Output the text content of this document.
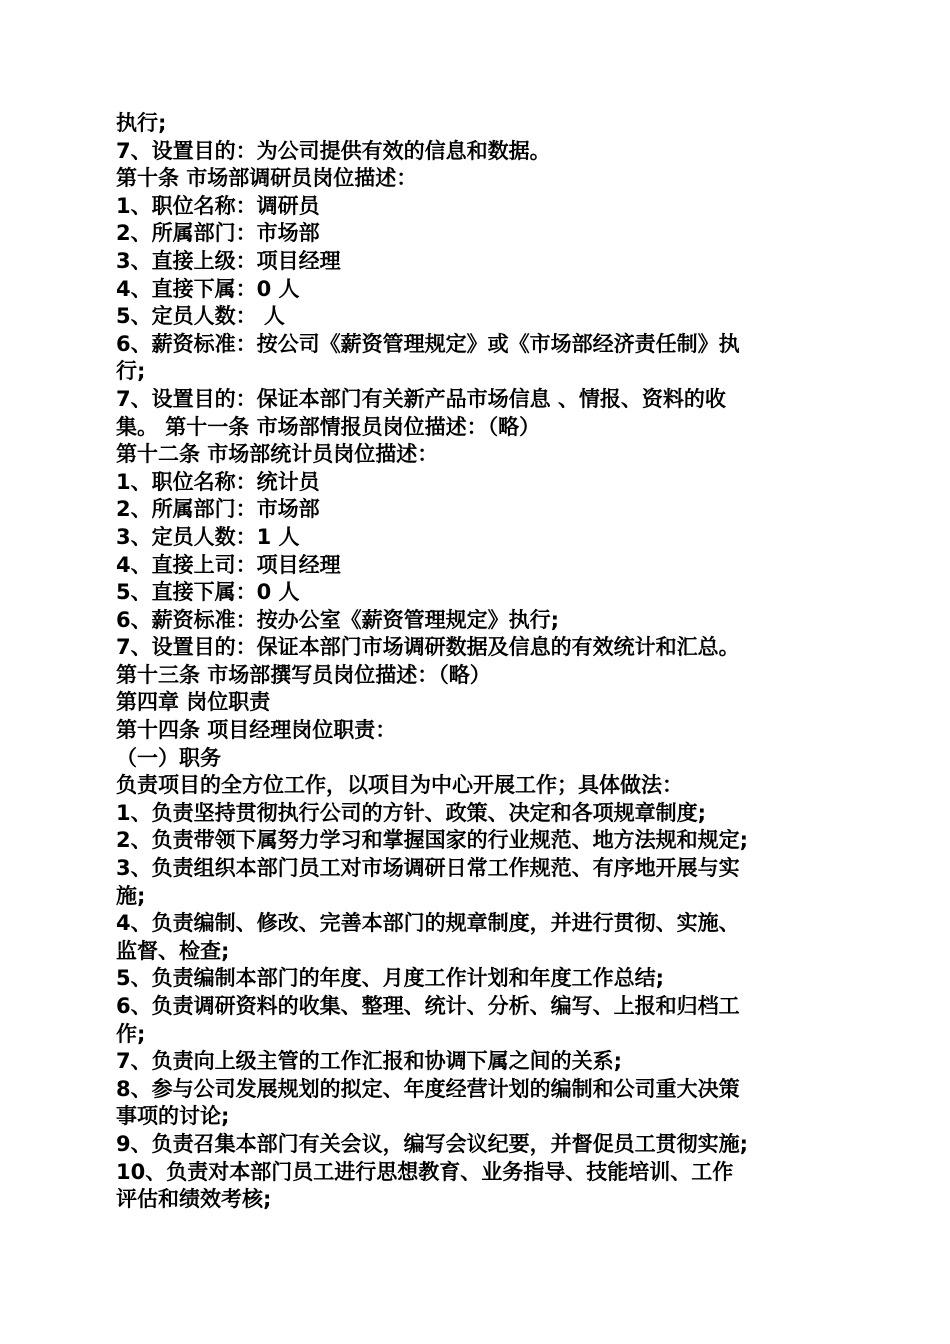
执行;
7、设置目的：为公司提供有效的信息和数据。
第十条 市场部调研员岗位描述：
1、职位名称：调研员
2、所属部门：市场部
3、直接上级：项目经理
4、直接下属：0 人
5、定员人数： 人
6、薪资标准：按公司《薪资管理规定》或《市场部经济责任制》执
行;
7、设置目的：保证本部门有关新产品市场信息 、情报、资料的收
集。 第十一条 市场部情报员岗位描述：（略）
第十二条 市场部统计员岗位描述：
1、职位名称：统计员
2、所属部门：市场部
3、定员人数：1 人
4、直接上司：项目经理
5、直接下属：0 人
6、薪资标准：按办公室《薪资管理规定》执行;
7、设置目的：保证本部门市场调研数据及信息的有效统计和汇总。
第十三条 市场部撰写员岗位描述：（略）
第四章 岗位职责
第十四条 项目经理岗位职责：
（一）职务
负责项目的全方位工作，以项目为中心开展工作；具体做法：
1、负责坚持贯彻执行公司的方针、政策、决定和各项规章制度;
2、负责带领下属努力学习和掌握国家的行业规范、地方法规和规定;
3、负责组织本部门员工对市场调研日常工作规范、有序地开展与实
施;
4、负责编制、修改、完善本部门的规章制度，并进行贯彻、实施、
监督、检查;
5、负责编制本部门的年度、月度工作计划和年度工作总结;
6、负责调研资料的收集、整理、统计、分析、编写、上报和归档工
作;
7、负责向上级主管的工作汇报和协调下属之间的关系;
8、参与公司发展规划的拟定、年度经营计划的编制和公司重大决策
事项的讨论;
9、负责召集本部门有关会议，编写会议纪要，并督促员工贯彻实施;
10、负责对本部门员工进行思想教育、业务指导、技能培训、工作
评估和绩效考核;
